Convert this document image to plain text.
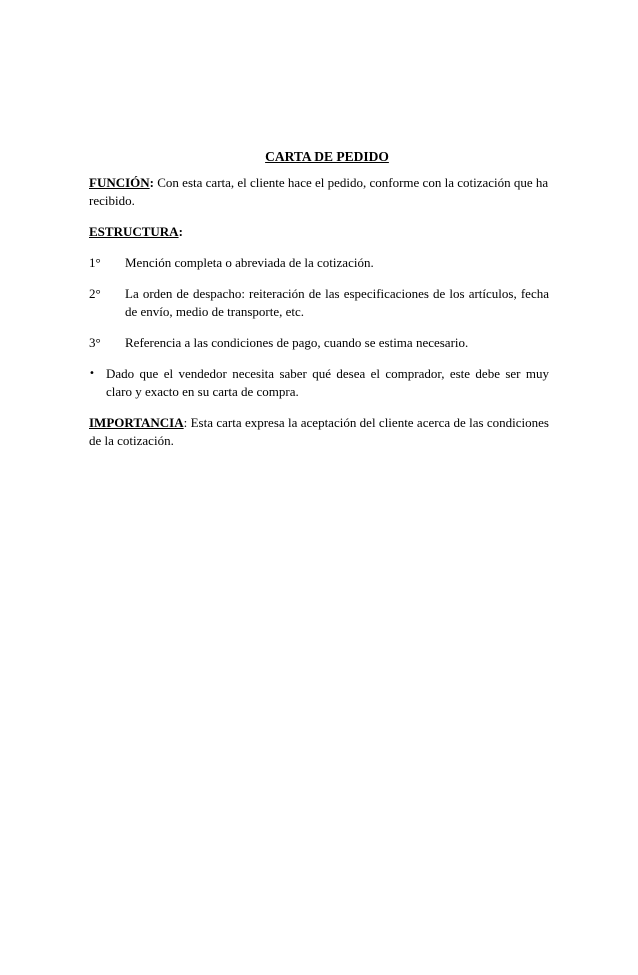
CARTA DE PEDIDO

FUNCIÓN: Con esta carta, el cliente hace el pedido, conforme con la cotización que ha recibido.

ESTRUCTURA:

1°	Mención completa o abreviada de la cotización.
2°	La orden de despacho: reiteración de las especificaciones de los artículos, fecha de envío, medio de transporte, etc.
3°	Referencia a las condiciones de pago, cuando se estima necesario.
• Dado que el vendedor necesita saber qué desea el comprador, este debe ser muy claro y exacto en su carta de compra.

IMPORTANCIA: Esta carta expresa la aceptación del cliente acerca de las condiciones de la cotización.
